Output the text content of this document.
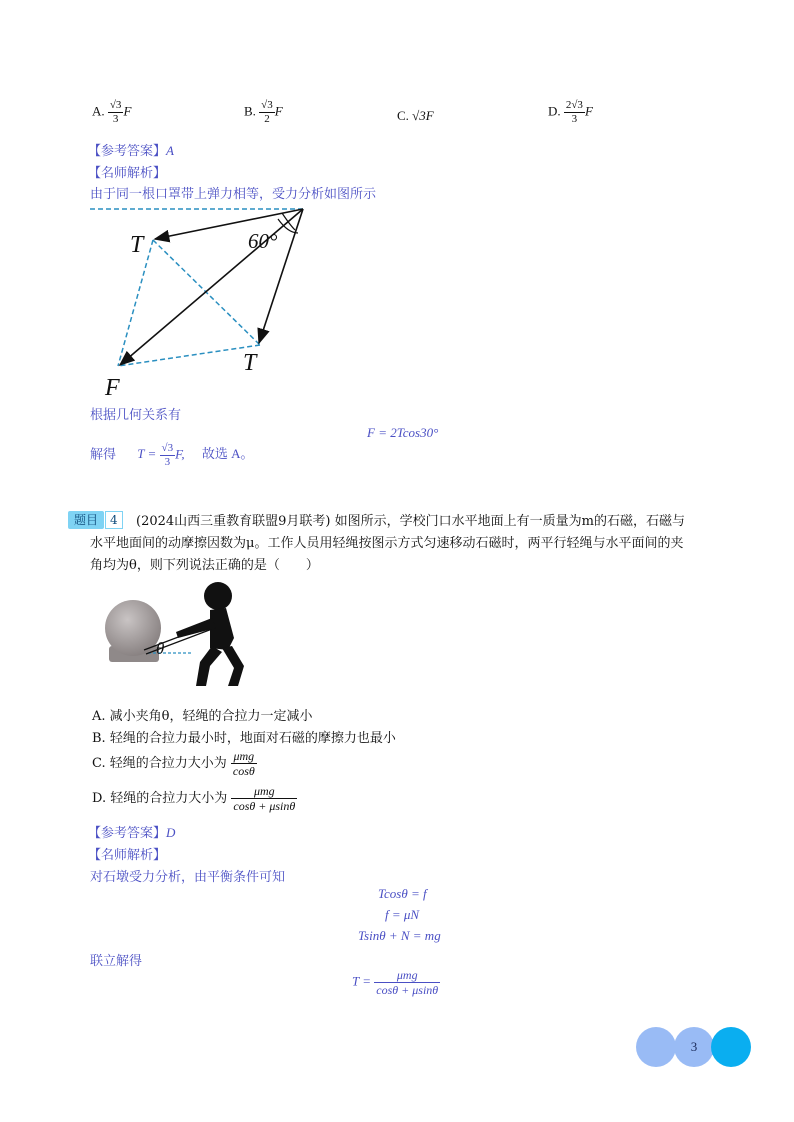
A. $\frac{√3}{3}$ F	B. $\frac{√3}{2}$ F	C. √3F	D. $\frac{2√3}{3}$ F
【参考答案】A
【名师解析】
由于同一根口罩带上弹力相等，受力分析如图所示
T
T
F
60°
根据几何关系有
F = 2Tcos30°
解得 $T = \frac{√3}{3} F$, 故选 A。
题目 4	(2024山西三重教育联盟9月联考) 如图所示，学校门口水平地面上有一质量为m的石磁，石磁与
水平地面间的动摩擦因数为μ。工作人员用轻绳按图示方式匀速移动石磁时，两平行轻绳与水平面间的夹
角均为θ，则下列说法正确的是（　　）
θ
A. 减小夹角θ，轻绳的合拉力一定减小
B. 轻绳的合拉力最小时，地面对石磁的摩擦力也最小
C. 轻绳的合拉力大小为 $\frac{\text{μmg}}{\cos\theta}$
D. 轻绳的合拉力大小为 $\frac{\text{μmg}}{\cos\theta + \mu\sin\theta}$
【参考答案】D
【名师解析】
对石墩受力分析，由平衡条件可知
Tcosθ = f
f = μN
Tsinθ + N = mg
联立解得
$T = \frac{\text{μmg}}{\cos\theta + \mu\sin\theta}$
3
